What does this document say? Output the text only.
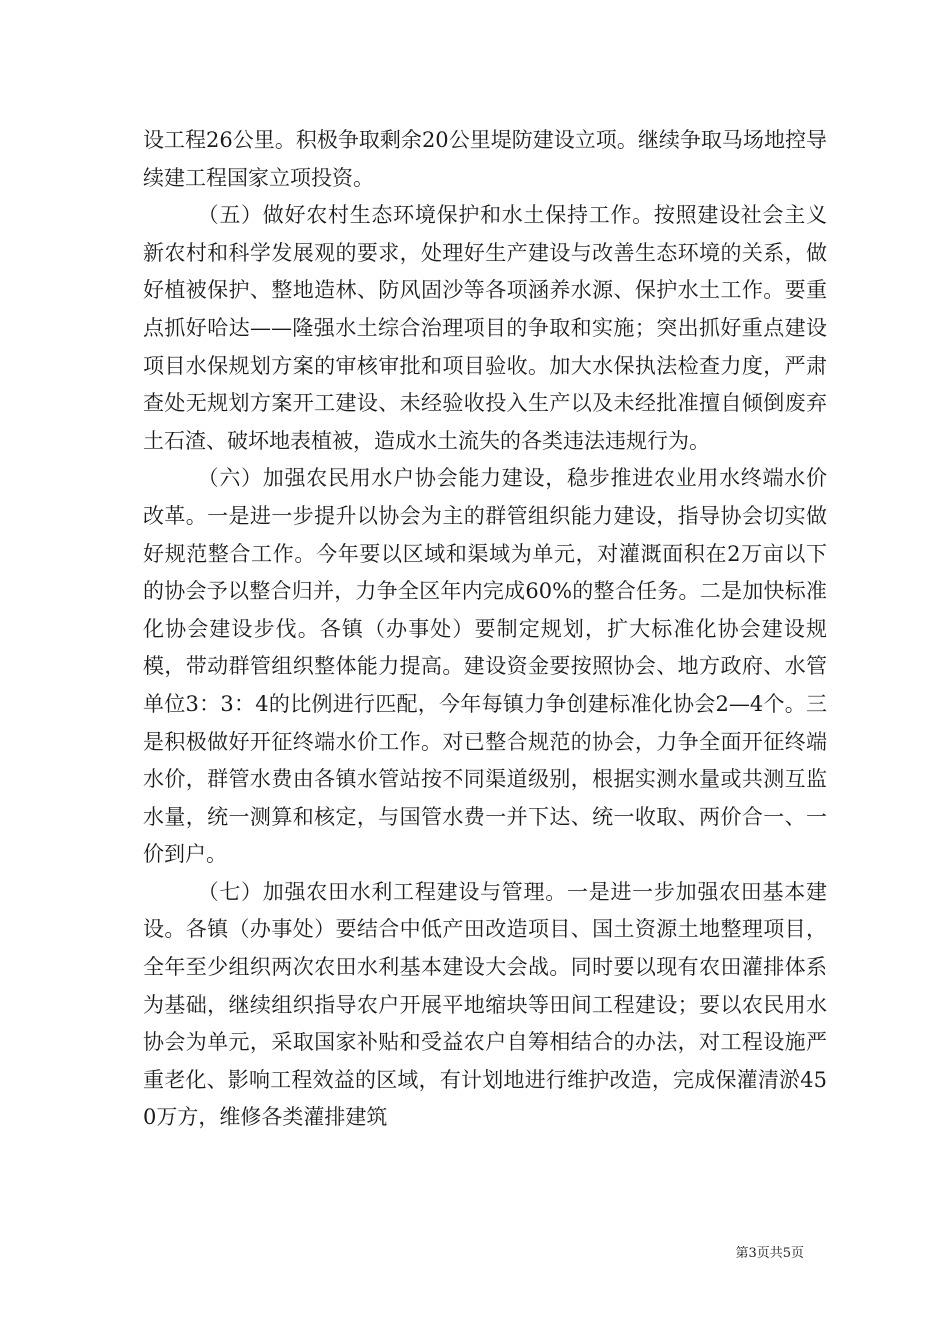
设工程26公里。积极争取剩余20公里堤防建设立项。继续争取马场地控导续建工程国家立项投资。

（五）做好农村生态环境保护和水土保持工作。按照建设社会主义新农村和科学发展观的要求，处理好生产建设与改善生态环境的关系，做好植被保护、整地造林、防风固沙等各项涵养水源、保护水土工作。要重点抓好哈达——隆强水土综合治理项目的争取和实施；突出抓好重点建设项目水保规划方案的审核审批和项目验收。加大水保执法检查力度，严肃查处无规划方案开工建设、未经验收投入生产以及未经批准擅自倾倒废弃土石渣、破坏地表植被，造成水土流失的各类违法违规行为。

（六）加强农民用水户协会能力建设，稳步推进农业用水终端水价改革。一是进一步提升以协会为主的群管组织能力建设，指导协会切实做好规范整合工作。今年要以区域和渠域为单元，对灌溉面积在2万亩以下的协会予以整合归并，力争全区年内完成60%的整合任务。二是加快标准化协会建设步伐。各镇（办事处）要制定规划，扩大标准化协会建设规模，带动群管组织整体能力提高。建设资金要按照协会、地方政府、水管单位3：3：4的比例进行匹配，今年每镇力争创建标准化协会2—4个。三是积极做好开征终端水价工作。对已整合规范的协会，力争全面开征终端水价，群管水费由各镇水管站按不同渠道级别，根据实测水量或共测互监水量，统一测算和核定，与国管水费一并下达、统一收取、两价合一、一价到户。

（七）加强农田水利工程建设与管理。一是进一步加强农田基本建设。各镇（办事处）要结合中低产田改造项目、国土资源土地整理项目，全年至少组织两次农田水利基本建设大会战。同时要以现有农田灌排体系为基础，继续组织指导农户开展平地缩块等田间工程建设；要以农民用水协会为单元，采取国家补贴和受益农户自筹相结合的办法，对工程设施严重老化、影响工程效益的区域，有计划地进行维护改造，完成保灌清淤450万方，维修各类灌排建筑

第3页共5页
